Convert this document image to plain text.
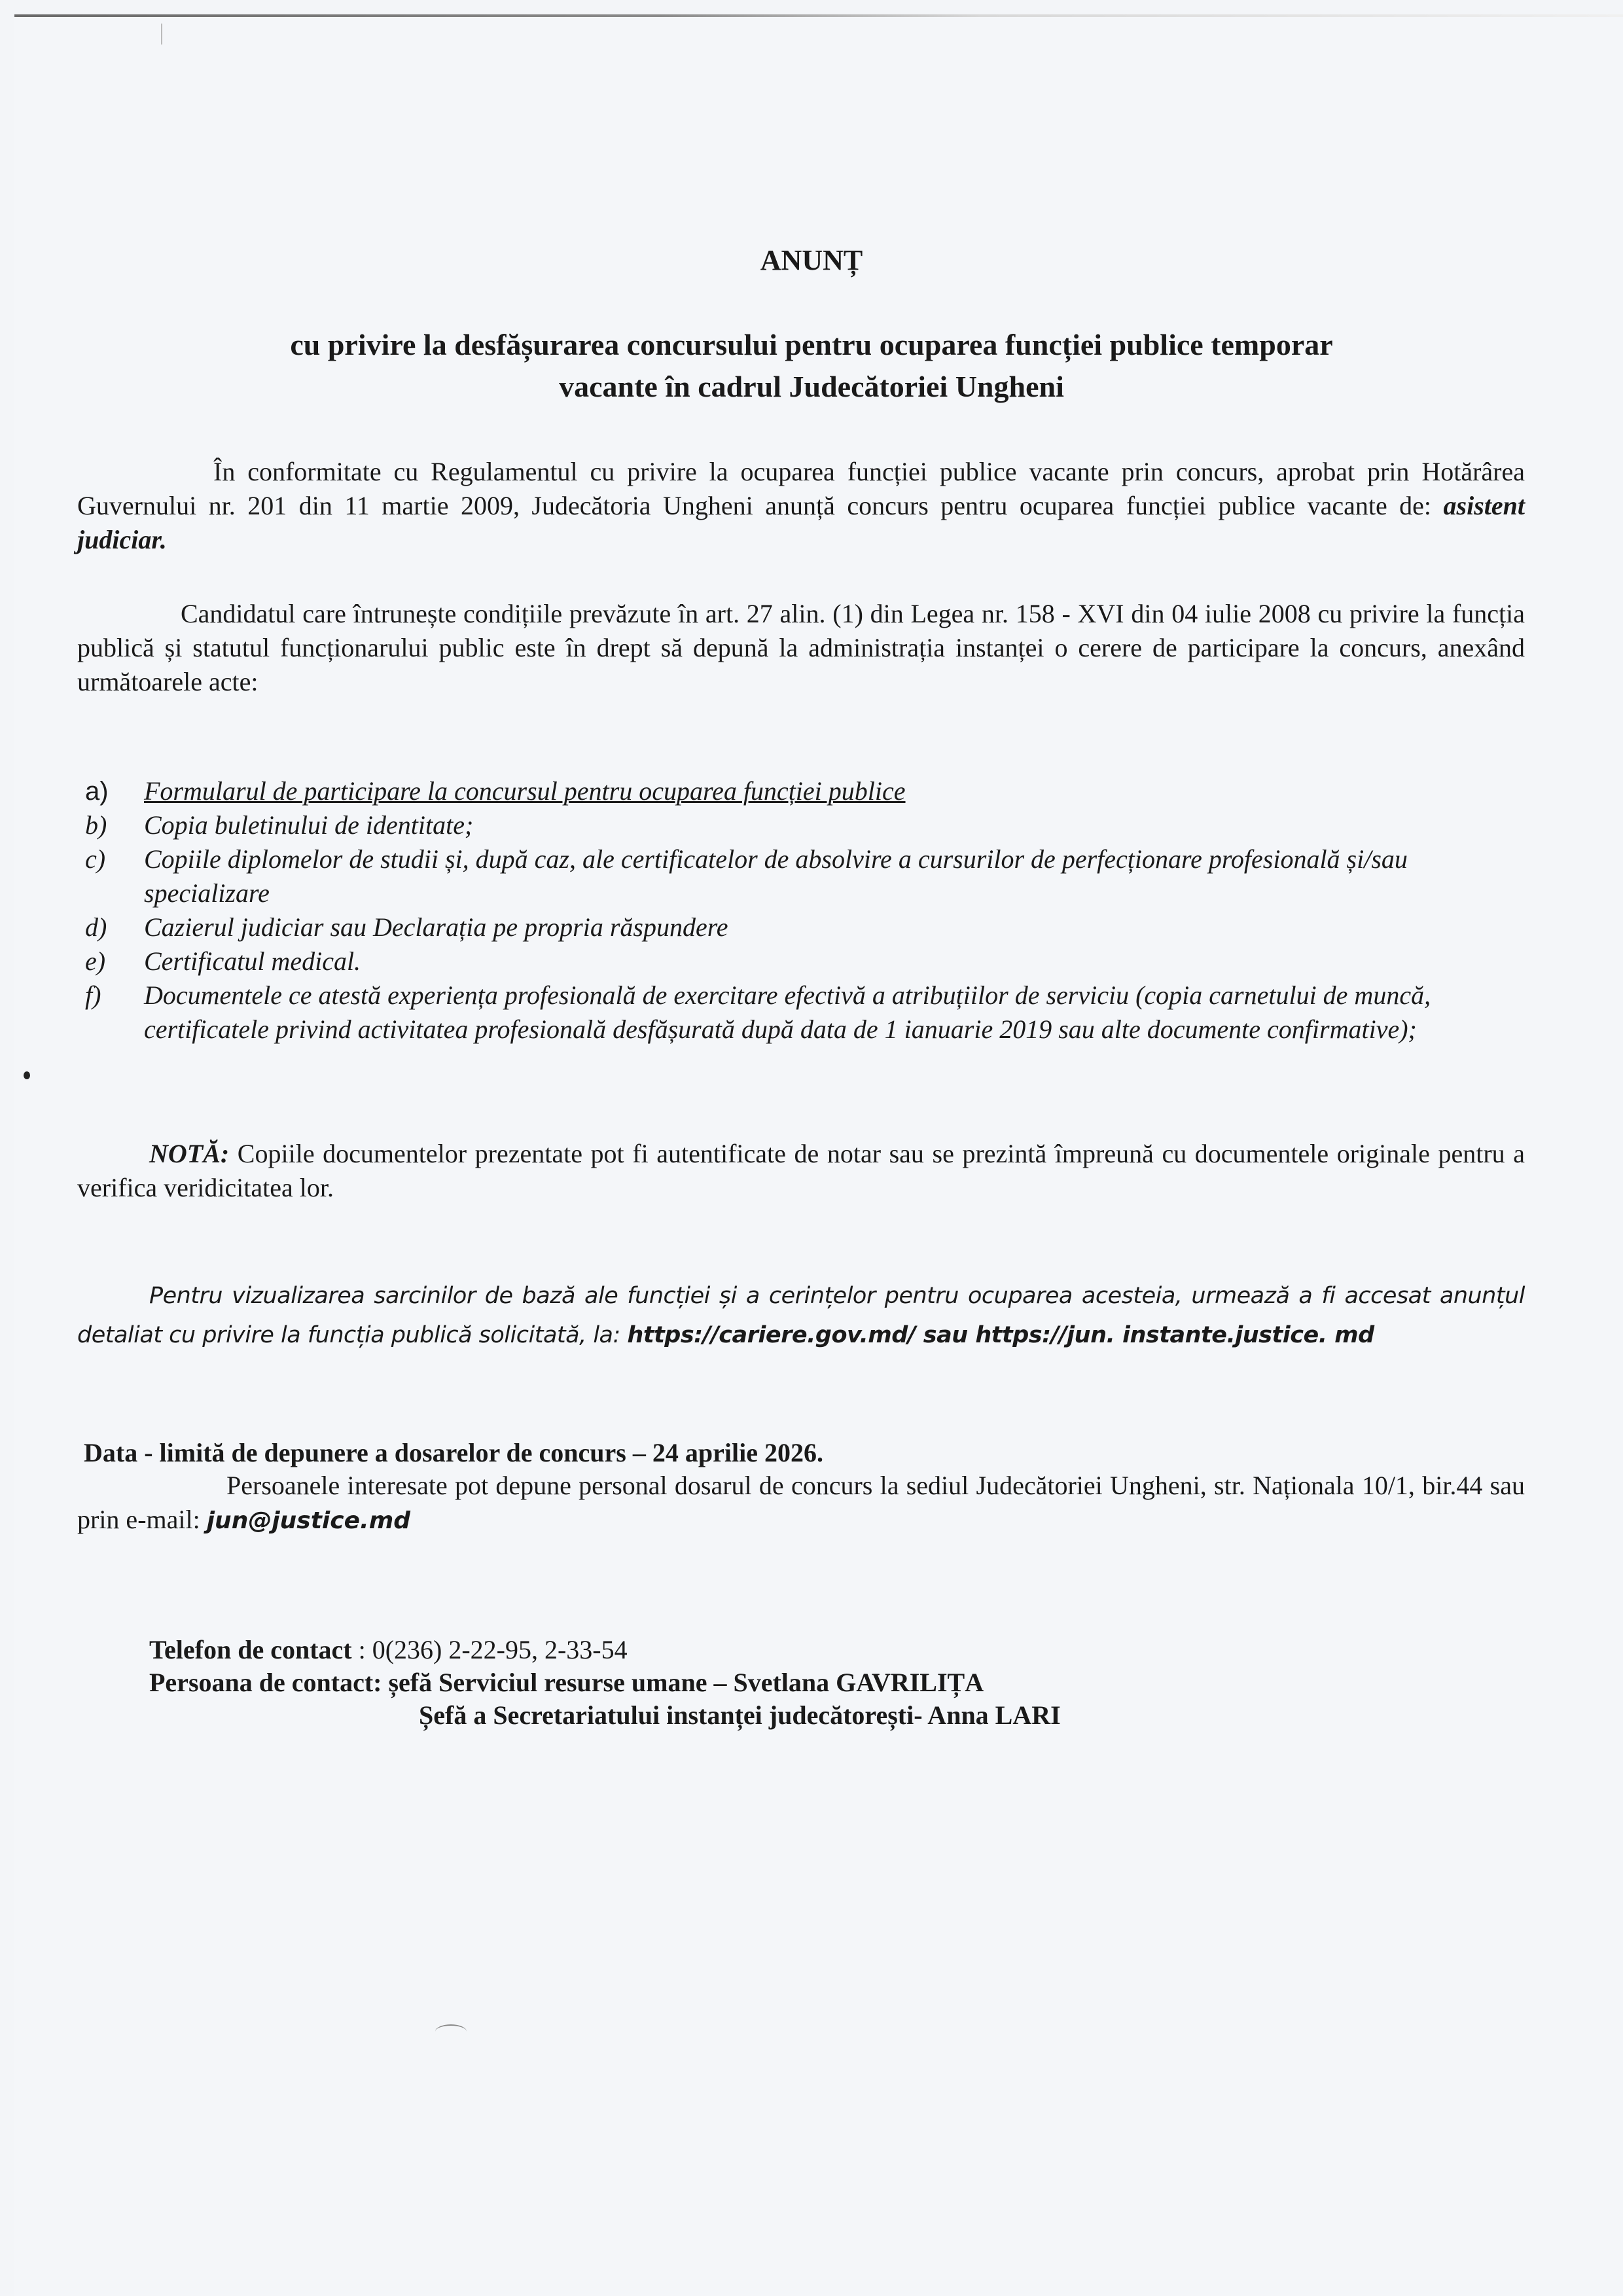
ANUNȚ
cu privire la desfășurarea concursului pentru ocuparea funcției publice temporar
vacante în cadrul Judecătoriei Ungheni
În conformitate cu Regulamentul cu privire la ocuparea funcției publice vacante prin concurs, aprobat prin Hotărârea Guvernului nr. 201 din 11 martie 2009, Judecătoria Ungheni anunță concurs pentru ocuparea funcției publice vacante de: asistent judiciar.
Candidatul care întrunește condițiile prevăzute în art. 27 alin. (1) din Legea nr. 158 - XVI din 04 iulie 2008 cu privire la funcția publică și statutul funcționarului public este în drept să depună la administrația instanței o cerere de participare la concurs, anexând următoarele acte:
a)	Formularul de participare la concursul pentru ocuparea funcției publice
b)	Copia buletinului de identitate;
c)	Copiile diplomelor de studii și, după caz, ale certificatelor de absolvire a cursurilor de perfecționare profesională și/sau specializare
d)	Cazierul judiciar sau Declarația pe propria răspundere
e)	Certificatul medical.
f)	Documentele ce atestă experiența profesională de exercitare efectivă a atribuțiilor de serviciu (copia carnetului de muncă, certificatele privind activitatea profesională desfășurată după data de 1 ianuarie 2019 sau alte documente confirmative);
NOTĂ: Copiile documentelor prezentate pot fi autentificate de notar sau se prezintă împreună cu documentele originale pentru a verifica veridicitatea lor.
Pentru vizualizarea sarcinilor de bază ale funcției și a cerințelor pentru ocuparea acesteia, urmează a fi accesat anunțul detaliat cu privire la funcția publică solicitată, la: https://cariere.gov.md/ sau https://jun. instante.justice. md
Data - limită de depunere a dosarelor de concurs – 24 aprilie 2026.
Persoanele interesate pot depune personal dosarul de concurs la sediul Judecătoriei Ungheni, str. Naționala 10/1, bir.44 sau prin e-mail: jun@justice.md
Telefon de contact : 0(236) 2-22-95, 2-33-54
Persoana de contact: șefă Serviciul resurse umane – Svetlana GAVRILIȚA
Șefă a Secretariatului instanței judecătorești- Anna LARI
